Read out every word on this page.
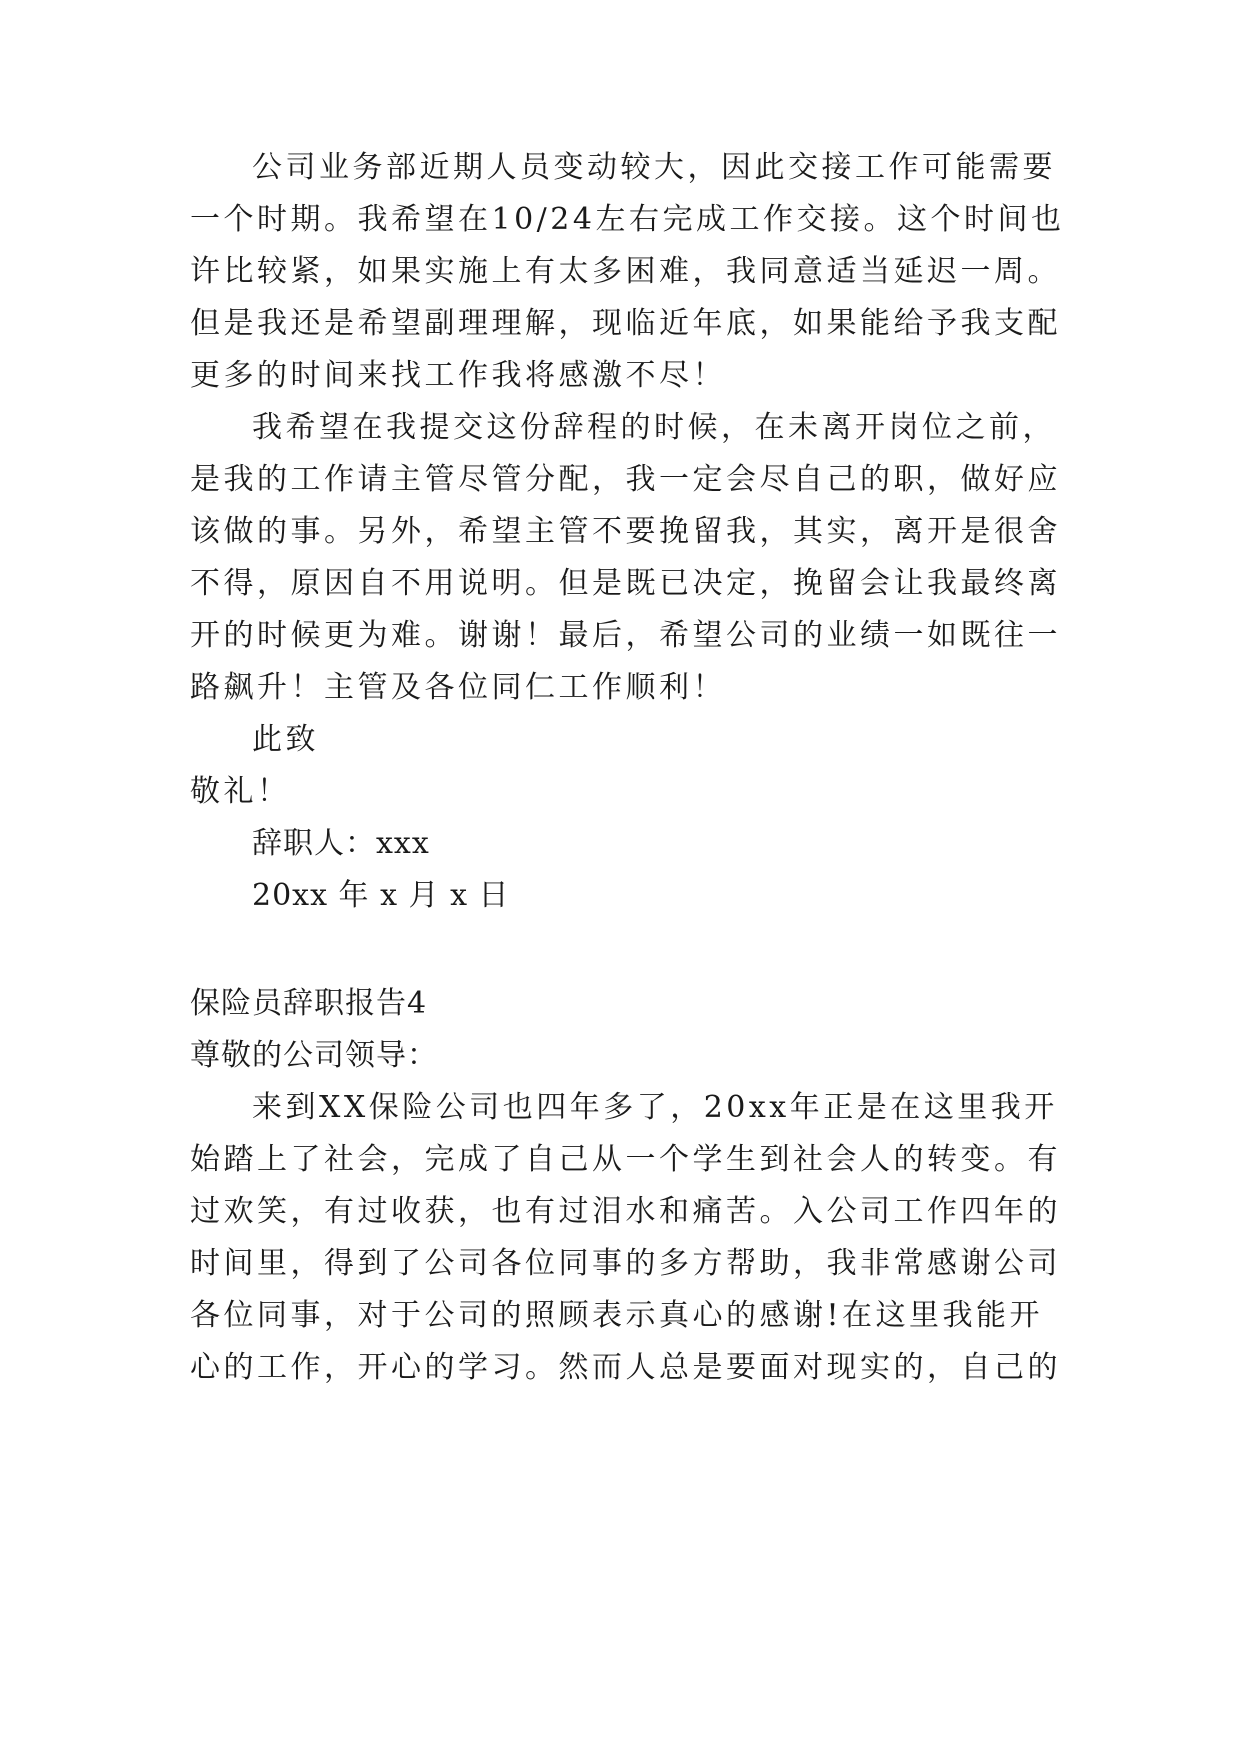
公司业务部近期人员变动较大，因此交接工作可能需要

一个时期。我希望在10/24左右完成工作交接。这个时间也

许比较紧，如果实施上有太多困难，我同意适当延迟一周。

但是我还是希望副理理解，现临近年底，如果能给予我支配

更多的时间来找工作我将感激不尽！

我希望在我提交这份辞程的时候，在未离开岗位之前，

是我的工作请主管尽管分配，我一定会尽自己的职，做好应

该做的事。另外，希望主管不要挽留我，其实，离开是很舍

不得，原因自不用说明。但是既已决定，挽留会让我最终离

开的时候更为难。谢谢！最后，希望公司的业绩一如既往一

路飙升！主管及各位同仁工作顺利！

此致

敬礼！

辞职人：xxx

20xx 年 x 月 x 日

保险员辞职报告4

尊敬的公司领导：

来到XX保险公司也四年多了，20xx年正是在这里我开

始踏上了社会，完成了自己从一个学生到社会人的转变。有

过欢笑，有过收获，也有过泪水和痛苦。入公司工作四年的

时间里，得到了公司各位同事的多方帮助，我非常感谢公司

各位同事，对于公司的照顾表示真心的感谢!在这里我能开

心的工作，开心的学习。然而人总是要面对现实的，自己的
